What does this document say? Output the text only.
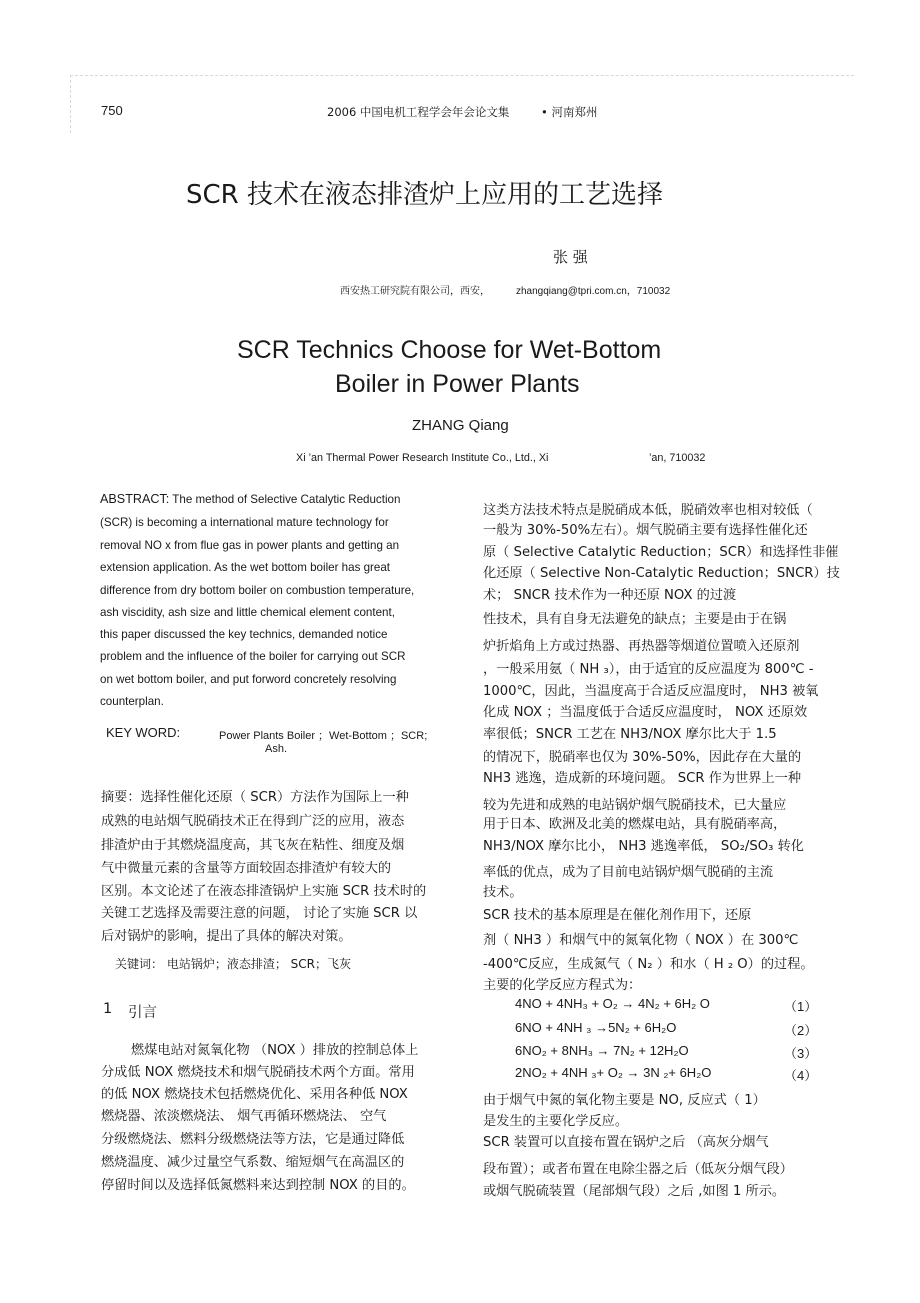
750	2006 中国电机工程学会年会论文集	• 河南郑州
SCR 技术在液态排渣炉上应用的工艺选择
张 强
西安热工研究院有限公司，西安，	zhangqiang@tpri.com.cn，710032
SCR Technics Choose for Wet-Bottom
Boiler in Power Plants
ZHANG Qiang
Xi ’an Thermal Power Research Institute Co., Ltd., Xi	’an, 710032
ABSTRACT: The method of Selective Catalytic Reduction
(SCR) is becoming a international mature technology for
removal NO x from flue gas in power plants and getting an
extension application. As the wet bottom boiler has great
difference from dry bottom boiler on combustion temperature,
ash viscidity, ash size and little chemical element content,
this paper discussed the key technics, demanded notice
problem and the influence of the boiler for carrying out SCR
on wet bottom boiler, and put forword concretely resolving
counterplan.
KEY WORD:	Power Plants Boiler ；Wet-Bottom ；SCR;
Ash.
摘要：选择性催化还原（ SCR）方法作为国际上一种
成熟的电站烟气脱硝技术正在得到广泛的应用，液态
排渣炉由于其燃烧温度高，其飞灰在粘性、细度及烟
气中微量元素的含量等方面较固态排渣炉有较大的
区别。本文论述了在液态排渣锅炉上实施 SCR 技术时的
关键工艺选择及需要注意的问题， 讨论了实施 SCR 以
后对锅炉的影响，提出了具体的解决对策。
关键词： 电站锅炉；液态排渣； SCR；飞灰
1 引言
燃煤电站对氮氧化物 （NOX ）排放的控制总体上
分成低 NOX 燃烧技术和烟气脱硝技术两个方面。常用
的低 NOX 燃烧技术包括燃烧优化、采用各种低 NOX
燃烧器、浓淡燃烧法、 烟气再循环燃烧法、 空气
分级燃烧法、燃料分级燃烧法等方法，它是通过降低
燃烧温度、减少过量空气系数、缩短烟气在高温区的
停留时间以及选择低氮燃料来达到控制 NOX 的目的。
这类方法技术特点是脱硝成本低，脱硝效率也相对较低（
一般为 30%-50%左右）。烟气脱硝主要有选择性催化还
原（ Selective Catalytic Reduction；SCR）和选择性非催
化还原（ Selective Non-Catalytic Reduction；SNCR）技
术； SNCR 技术作为一种还原 NOX 的过渡
性技术，具有自身无法避免的缺点；主要是由于在锅
炉折焰角上方或过热器、再热器等烟道位置喷入还原剂
，一般采用氨（ NH ₃），由于适宜的反应温度为 800℃ -
1000℃，因此，当温度高于合适反应温度时， NH3 被氧
化成 NOX ；当温度低于合适反应温度时， NOX 还原效
率很低；SNCR 工艺在 NH3/NOX 摩尔比大于 1.5
的情况下，脱硝率也仅为 30%-50%，因此存在大量的
NH3 逃逸，造成新的环境问题。 SCR 作为世界上一种
较为先进和成熟的电站锅炉烟气脱硝技术，已大量应
用于日本、欧洲及北美的燃煤电站，具有脱硝率高，
NH3/NOX 摩尔比小， NH3 逃逸率低， SO₂/SO₃ 转化
率低的优点，成为了目前电站锅炉烟气脱硝的主流
技术。
SCR 技术的基本原理是在催化剂作用下，还原
剂（ NH3 ）和烟气中的氮氧化物（ NOX ）在 300℃
-400℃反应，生成氮气（ N₂ ）和水（ H ₂ O）的过程。
主要的化学反应方程式为：
4NO + 4NH₃ + O₂ → 4N₂ + 6H₂ O	（1）
6NO + 4NH ₃ →5N₂ + 6H₂O	（2）
6NO₂ + 8NH₃ → 7N₂ + 12H₂O	（3）
2NO₂ + 4NH ₃+ O₂ → 3N ₂+ 6H₂O	（4）
由于烟气中氮的氧化物主要是 NO, 反应式（ 1）
是发生的主要化学反应。
SCR 装置可以直接布置在锅炉之后 （高灰分烟气
段布置）；或者布置在电除尘器之后（低灰分烟气段）
或烟气脱硫装置（尾部烟气段）之后 ,如图 1 所示。
